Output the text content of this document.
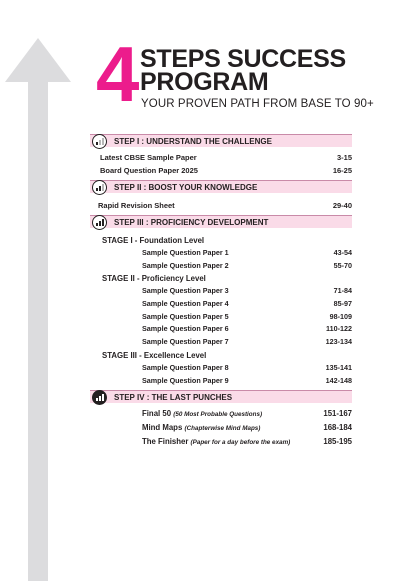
4 STEPS SUCCESS
PROGRAM
YOUR PROVEN PATH FROM BASE TO 90+
STEP I : UNDERSTAND THE CHALLENGE
Latest CBSE Sample Paper	3-15
Board Question Paper 2025	16-25
STEP II : BOOST YOUR KNOWLEDGE
Rapid Revision Sheet	29-40
STEP III : PROFICIENCY DEVELOPMENT
STAGE I - Foundation Level
Sample Question Paper 1	43-54
Sample Question Paper 2	55-70
STAGE II - Proficiency Level
Sample Question Paper 3	71-84
Sample Question Paper 4	85-97
Sample Question Paper 5	98-109
Sample Question Paper 6	110-122
Sample Question Paper 7	123-134
STAGE III - Excellence Level
Sample Question Paper 8	135-141
Sample Question Paper 9	142-148
STEP IV : THE LAST PUNCHES
Final 50 (50 Most Probable Questions)	151-167
Mind Maps (Chapterwise Mind Maps)	168-184
The Finisher (Paper for a day before the exam)	185-195
